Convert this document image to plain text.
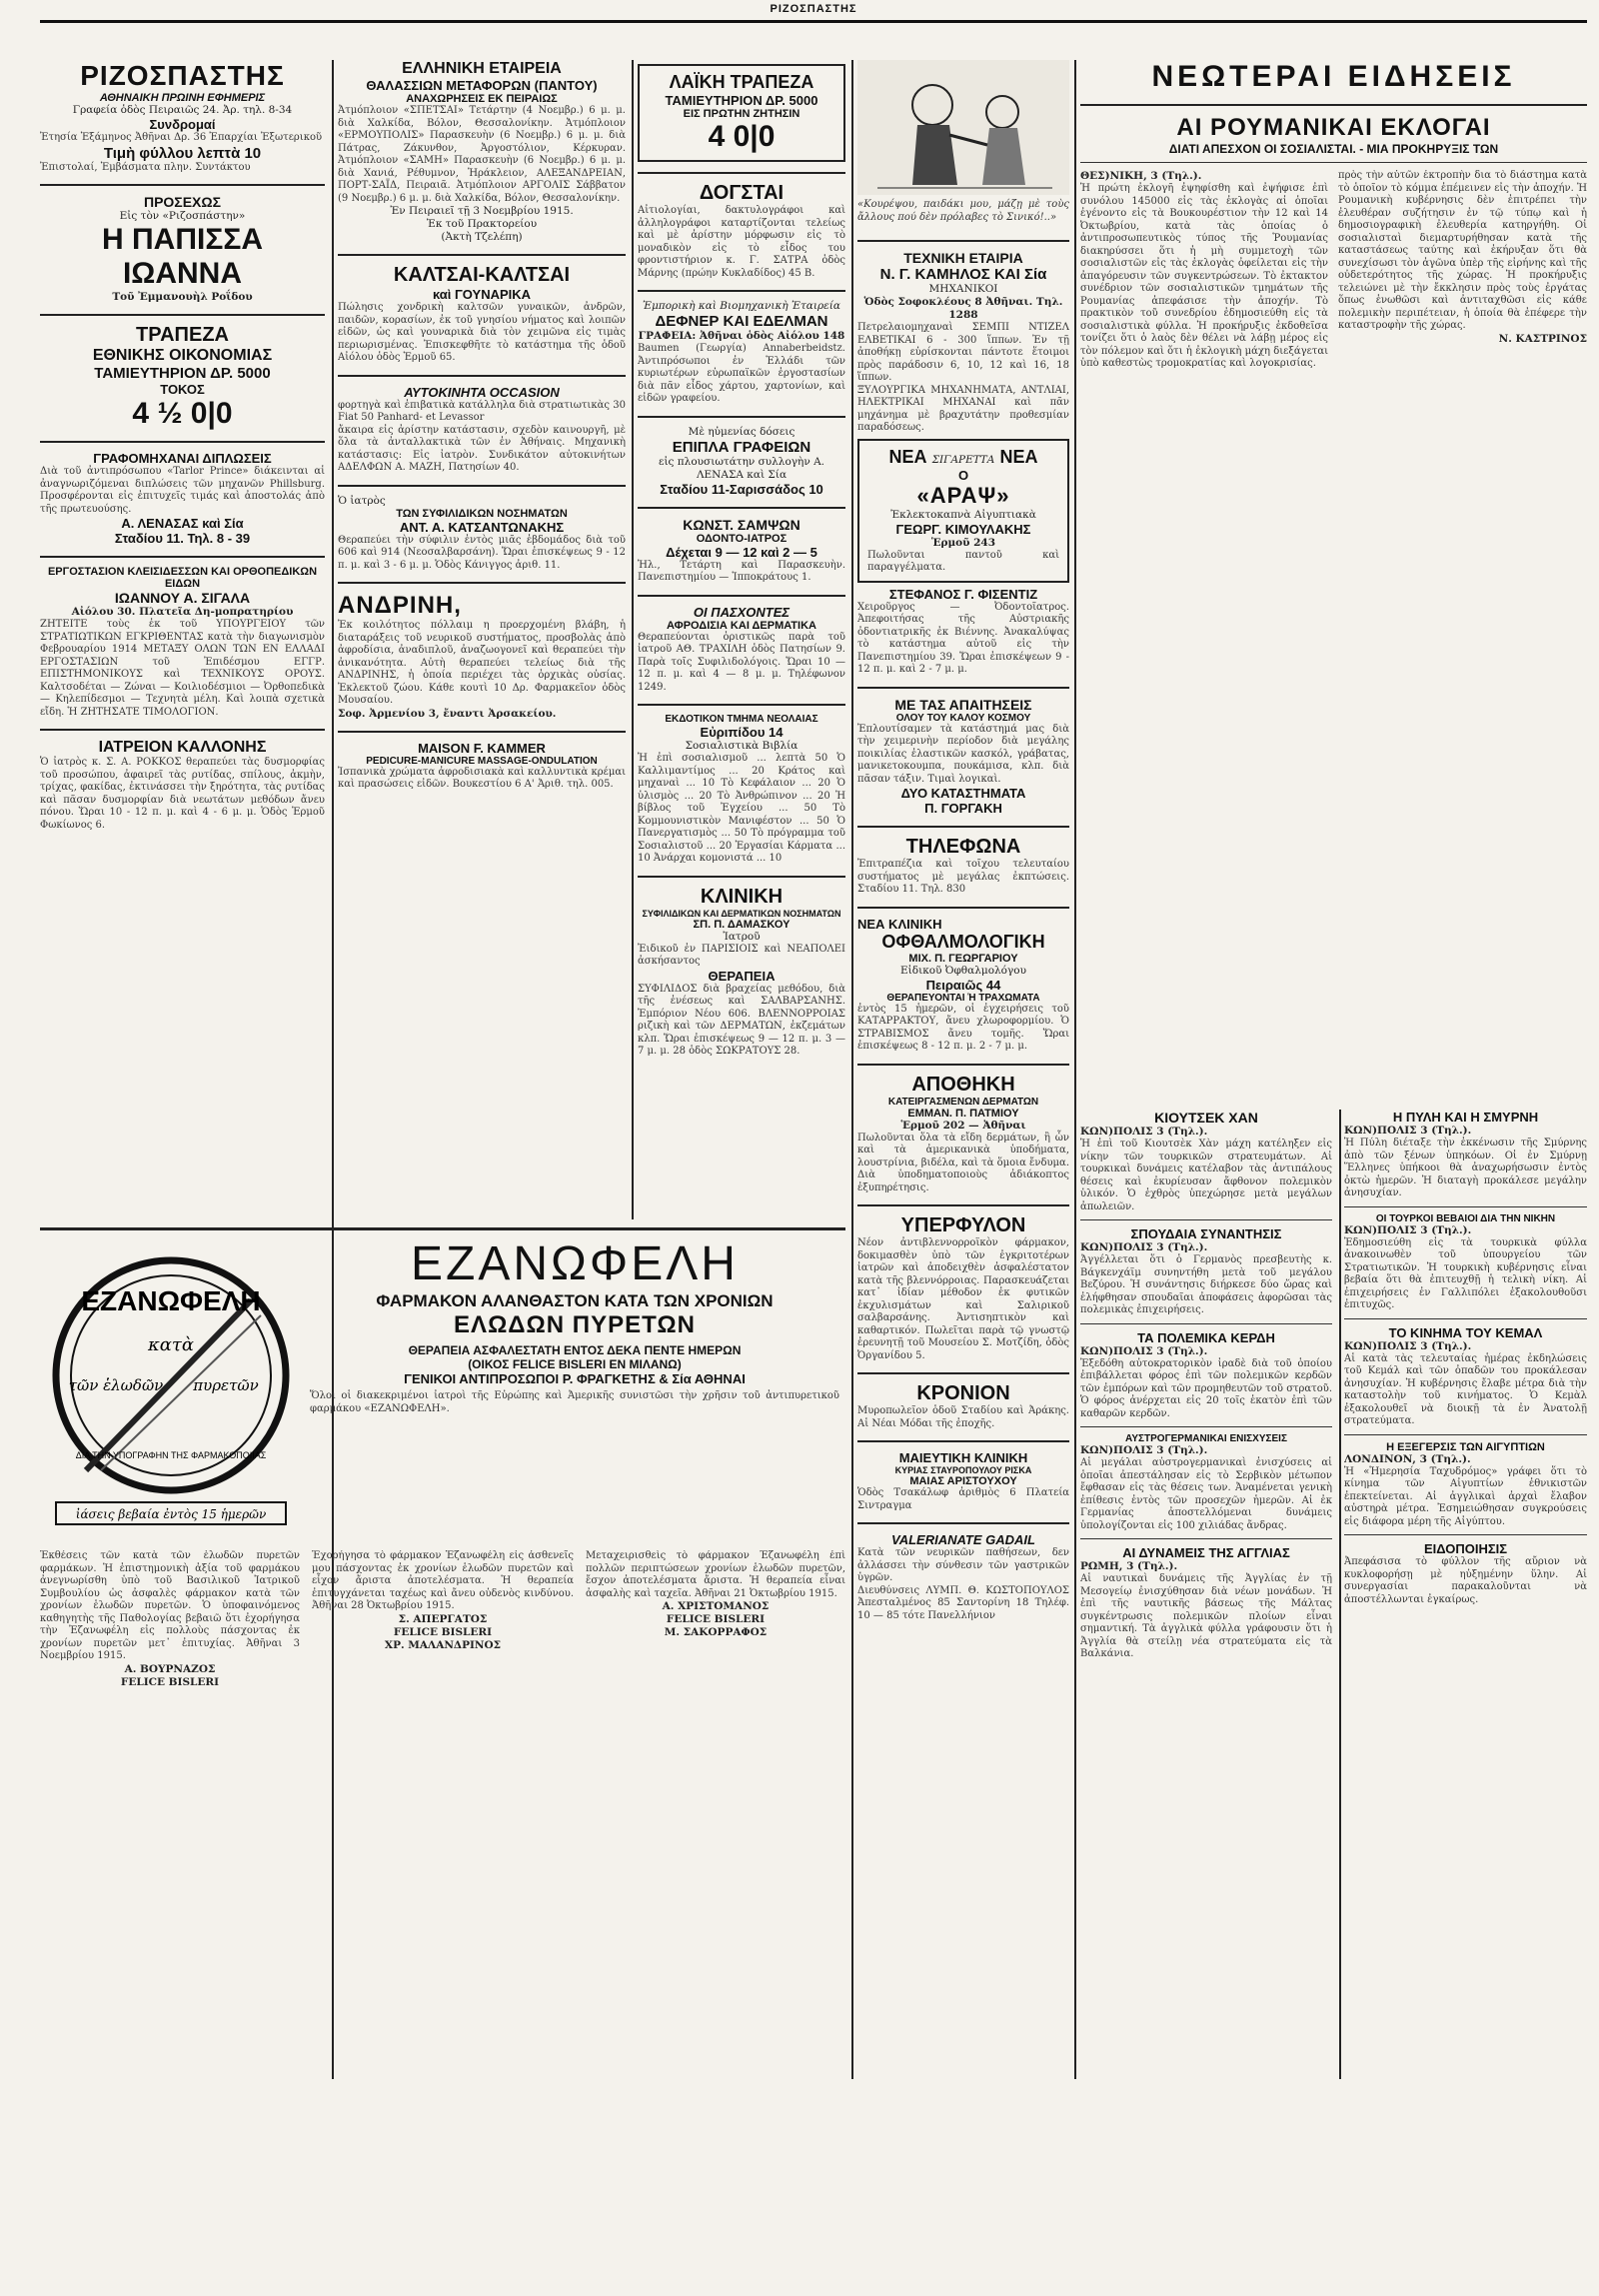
ΡΙΖΟΣΠΑΣΤΗΣ
ΡΙΖΟΣΠΑΣΤΗΣ
ΑΘΗΝΑΙΚΗ ΠΡΩΙΝΗ ΕΦΗΜΕΡΙΣ
Γραφεία ὁδὸς Πειραιῶς 24. Ἀρ. τηλ. 8-34
Συνδρομαί
Ἐτησία Ἐξάμηνος Ἀθῆναι Δρ. 36 Ἐπαρχίαι Ἐξωτερικοῦ
Τιμὴ φύλλου λεπτὰ 10
Ἐπιστολαί, Ἐμβάσματα πλην. Συντάκτου
ΠΡΟΣΕΧΩΣ
Εἰς τὸν «Ριζοσπάστην»
Η ΠΑΠΙΣΣΑ ΙΩΑΝΝΑ
Τοῦ Ἐμμανουὴλ Ροΐδου
ΤΡΑΠΕΖΑ
ΕΘΝΙΚΗΣ ΟΙΚΟΝΟΜΙΑΣ
ΤΑΜΙΕΥΤΗΡΙΟΝ ΔΡ. 5000
ΤΟΚΟΣ
4 ½ 0|0
ΓΡΑΦΟΜΗΧΑΝΑΙ ΔΙΠΛΩΣΕΙΣ
Διὰ τοῦ ἀντιπρόσωπου «Tarlor Prince» διάκεινται αἱ ἀναγνωριζόμεναι διπλώσεις τῶν μηχανῶν Phillsburg. Προσφέρονται εἰς ἐπιτυχεῖς τιμάς καὶ ἀποστολάς ἀπὸ τῆς πρωτευούσης.
Α. ΛΕΝΑΣΑΣ καὶ Σία
Σταδίου 11. Τηλ. 8 - 39
ΕΡΓΟΣΤΑΣΙΟΝ ΚΛΕΙΣΙΔΕΣΣΩΝ ΚΑΙ ΟΡΘΟΠΕΔΙΚΩΝ ΕΙΔΩΝ
ΙΩΑΝΝΟΥ Α. ΣΙΓΑΛΑ
Αἰόλου 30. Πλατεῖα Δη-μοπρατηρίου
ΖΗΤΕΙΤΕ τοὺς ἐκ τοῦ ΥΠΟΥΡΓΕΙΟΥ τῶν ΣΤΡΑΤΙΩΤΙΚΩΝ ΕΓΚΡΙΘΕΝΤΑΣ κατὰ τὴν διαγωνισμὸν Φεβρουαρίου 1914 ΜΕΤΑΞΥ ΟΛΩΝ ΤΩΝ ΕΝ ΕΛΛΑΔΙ ΕΡΓΟΣΤΑΣΙΩΝ τοῦ Ἐπιδέσμου ΕΓΓΡ. ΕΠΙΣΤΗΜΟΝΙΚΟΥΣ καὶ ΤΕΧΝΙΚΟΥΣ ΟΡΟΥΣ. Καλτσοδέται — Ζώναι — Κοιλιοδέσμιοι — Ὀρθοπεδικὰ — Κηλεπίδεσμοι — Τεχνητὰ μέλη. Καὶ λοιπὰ σχετικὰ εἴδη. Ἡ ΖΗΤΗΣΑΤΕ ΤΙΜΟΛΟΓΙΟΝ.
ΙΑΤΡΕΙΟΝ ΚΑΛΛΟΝΗΣ
Ὁ ἰατρὸς κ. Σ. Α. ΡΟΚΚΟΣ θεραπεύει τὰς δυσμορφίας τοῦ προσώπου, ἀφαιρεῖ τὰς ρυτίδας, σπίλους, ἀκμὴν, τρίχας, φακίδας, ἐκτινάσσει τὴν ξηρότητα, τὰς ρυτίδας καὶ πᾶσαν δυσμορφίαν διὰ νεωτάτων μεθόδων ἄνευ πόνου. Ὥραι 10 - 12 π. μ. καὶ 4 - 6 μ. μ. Ὁδὸς Ἑρμοῦ Φωκίωνος 6.
ΕΛΛΗΝΙΚΗ ΕΤΑΙΡΕΙΑ
ΘΑΛΑΣΣΙΩΝ ΜΕΤΑΦΟΡΩΝ (ΠΑΝΤΟΥ)
ΑΝΑΧΩΡΗΣΕΙΣ ΕΚ ΠΕΙΡΑΙΩΣ
Ἀτμόπλοιον «ΣΠΕΤΣΑΙ» Τετάρτην (4 Νοεμβρ.) 6 μ. μ. διὰ Χαλκίδα, Βόλον, Θεσσαλονίκην. Ἀτμόπλοιον «ΕΡΜΟΥΠΟΛΙΣ» Παρασκευὴν (6 Νοεμβρ.) 6 μ. μ. διὰ Πάτρας, Ζάκυνθον, Ἀργοστόλιον, Κέρκυραν. Ἀτμόπλοιον «ΣΑΜΗ» Παρασκευὴν (6 Νοεμβρ.) 6 μ. μ. διὰ Χανιά, Ρέθυμνον, Ἡράκλειον, ΑΛΕΞΑΝΔΡΕΙΑΝ, ΠΟΡΤ-ΣΑΪΔ, Πειραιᾶ. Ἀτμόπλοιον ΑΡΓΟΛΙΣ Σάββατον (9 Νοεμβρ.) 6 μ. μ. διὰ Χαλκίδα, Βόλον, Θεσσαλονίκην.
Ἐν Πειραιεῖ τῇ 3 Νοεμβρίου 1915.
Ἐκ τοῦ Πρακτορείου
(Ἀκτὴ Τζελέπη)
ΚΑΛΤΣΑΙ-ΚΑΛΤΣΑΙ
καὶ ΓΟΥΝΑΡΙΚΑ
Πώλησις χονδρικὴ καλτσῶν γυναικῶν, ἀνδρῶν, παιδῶν, κορασίων, ἐκ τοῦ γνησίου νήματος καὶ λοιπῶν εἰδῶν, ὡς καὶ γουναρικὰ διὰ τὸν χειμῶνα εἰς τιμὰς περιωρισμένας. Ἐπισκεφθῆτε τὸ κατάστημα τῆς ὁδοῦ Αἰόλου ὁδὸς Ἑρμοῦ 65.
ΑΥΤΟΚΙΝΗΤΑ OCCASION
φορτηγὰ καὶ ἐπιβατικὰ κατάλληλα διὰ στρατιωτικὰς 30 Fiat 50 Panhard- et Levassor
ἄκαιρα εἰς ἀρίστην κατάστασιν, σχεδὸν καινουργῆ, μὲ ὅλα τὰ ἀνταλλακτικὰ τῶν ἐν Ἀθήναις. Μηχανικὴ κατάστασις: Εἰς ἰατρὸν. Συνδικάτον αὐτοκινήτων ΑΔΕΛΦΩΝ Α. ΜΑΖΗ, Πατησίων 40.
Ὁ ἰατρὸς
ΤΩΝ ΣΥΦΙΛΙΔΙΚΩΝ ΝΟΣΗΜΑΤΩΝ
ΑΝΤ. Α. ΚΑΤΣΑΝΤΩΝΑΚΗΣ
Θεραπεύει τὴν σύφιλιν ἐντὸς μιᾶς ἑβδομάδος διὰ τοῦ 606 καὶ 914 (Νεοσαλβαρσάνη). Ὥραι ἐπισκέψεως 9 - 12 π. μ. καὶ 3 - 6 μ. μ. Ὁδὸς Κάνιγγος ἀριθ. 11.
ΑΝΔΡΙΝΗ,
Ἐκ κοιλότητος πόλλαιμ η προερχομένη βλάβη, ἡ διαταράξεις τοῦ νευρικοῦ συστήματος, προσβολὰς ἀπὸ ἀφροδίσια, ἀναδιπλοῦ, ἀναζωογονεῖ καὶ θεραπεύει τὴν ἀνικανότητα. Αὐτὴ θεραπεύει τελείως διὰ τῆς ΑΝΔΡΙΝΗΣ, ἡ ὁποία περιέχει τὰς ὀρχικὰς οὐσίας. Ἐκλεκτοῦ ζώου. Κάθε κουτὶ 10 Δρ. Φαρμακεῖον ὁδὸς Μουσαίου.
Σοφ. Ἀρμενίου 3, ἔναντι Ἀρσακείου.
MAISON F. KAMMER
PEDICURE-MANICURE MASSAGE-ONDULATION
Ἰσπανικὰ χρώματα ἀφροδισιακὰ καὶ καλλυντικὰ κρέμαι καὶ πρασώσεις εἰδῶν. Βουκεστίου 6 Α' Ἀριθ. τηλ. 005.
ΛΑΪΚΗ ΤΡΑΠΕΖΑ
ΤΑΜΙΕΥΤΗΡΙΟΝ ΔΡ. 5000
ΕΙΣ ΠΡΩΤΗΝ ΖΗΤΗΣΙΝ
4 0|0
ΔΟΓΣΤΑΙ
Αἰτιολογίαι, δακτυλογράφοι καὶ ἀλληλογράφοι καταρτίζονται τελείως καὶ μὲ ἀρίστην μόρφωσιν εἰς τὸ μοναδικὸν εἰς τὸ εἶδος του φροντιστήριον κ. Γ. ΣΑΤΡΑ ὁδὸς Μάρνης (πρώην Κυκλαδίδος) 45 Β.
Ἐμπορικὴ καὶ Βιομηχανικὴ Ἐταιρεία
ΔΕΦΝΕΡ ΚΑΙ ΕΔΕΛΜΑΝ
ΓΡΑΦΕΙΑ: Ἀθῆναι ὁδὸς Αἰόλου 148
Baumen (Γεωργία) Annaberbeidstz. Ἀντιπρόσωποι ἐν Ἑλλάδι τῶν κυριωτέρων εὐρωπαϊκῶν ἐργοστασίων διὰ πᾶν εἶδος χάρτου, χαρτονίων, καὶ εἰδῶν γραφείου.
Μὲ ηὐμενίας δόσεις
ΕΠΙΠΛΑ ΓΡΑΦΕΙΩΝ
εἰς πλουσιωτάτην συλλογὴν Α. ΛΕΝΑΣΑ καὶ Σία
Σταδίου 11-Σαρισσάδος 10
ΚΩΝΣΤ. ΣΑΜΨΩΝ
ΟΔΟΝΤΟ-ΙΑΤΡΟΣ
Δέχεται 9 — 12 καὶ 2 — 5
Ἡλ., Τετάρτη καὶ Παρασκευὴν. Πανεπιστημίου — Ἱπποκράτους 1.
ΟΙ ΠΑΣΧΟΝΤΕΣ
ΑΦΡΟΔΙΣΙΑ ΚΑΙ ΔΕΡΜΑΤΙΚΑ
Θεραπεύονται ὁριστικῶς παρὰ τοῦ ἰατροῦ ΑΘ. ΤΡΑΧΙΛΗ ὁδὸς Πατησίων 9. Παρὰ τοῖς Συφιλιδολόγοις. Ὥραι 10 — 12 π. μ. καὶ 4 — 8 μ. μ. Τηλέφωνον 1249.
ΕΚΔΟΤΙΚΟΝ ΤΜΗΜΑ ΝΕΟΛΑΙΑΣ
Εὐριπίδου 14
Σοσιαλιστικὰ Βιβλία
Ἡ ἐπὶ σοσιαλισμοῦ ... λεπτὰ 50 Ὁ Καλλιμαντίμος ... 20 Κράτος καὶ μηχαναὶ ... 10 Τὸ Κεφάλαιον ... 20 Ὁ ὑλισμὸς ... 20 Τὸ Ἀνθρώπινον ... 20 Ἡ βίβλος τοῦ Ἐγχείου ... 50 Τὸ Κομμουνιστικὸν Μανιφέστον ... 50 Ὁ Πανεργατισμὸς ... 50 Τὸ πρόγραμμα τοῦ Σοσιαλιστοῦ ... 20 Ἐργασίαι Κάρματα ... 10 Ἀνάρχαι κομονιστά ... 10
ΚΛΙΝΙΚΗ
ΣΥΦΙΛΙΔΙΚΩΝ ΚΑΙ ΔΕΡΜΑΤΙΚΩΝ ΝΟΣΗΜΑΤΩΝ
ΣΠ. Π. ΔΑΜΑΣΚΟΥ
Ἰατροῦ
Ἐιδικοῦ ἐν ΠΑΡΙΣΙΟΙΣ καὶ ΝΕΑΠΟΛΕΙ ἀσκήσαντος
ΘΕΡΑΠΕΙΑ
ΣΥΦΙΛΙΔΟΣ διὰ βραχείας μεθόδου, διὰ τῆς ἐνέσεως καὶ ΣΑΛΒΑΡΣΑΝΗΣ. Ἐμπόριον Νέου 606. ΒΛΕΝΝΟΡΡΟΙΑΣ ριζικὴ καὶ τῶν ΔΕΡΜΑΤΩΝ, ἐκζεμάτων κλπ. Ὥραι ἐπισκέψεως 9 — 12 π. μ. 3 — 7 μ. μ. 28 ὁδὸς ΣΩΚΡΑΤΟΥΣ 28.
«Κουρέψου, παιδάκι μου, μάζῃ μὲ τοὺς ἄλλους πού δὲν πρόλαβες τὸ Σινικό!..»
ΤΕΧΝΙΚΗ ΕΤΑΙΡΙΑ
Ν. Γ. ΚΑΜΗΛΟΣ ΚΑΙ Σία
ΜΗΧΑΝΙΚΟΙ
Ὁδὸς Σοφοκλέους 8 Ἀθῆναι. Τηλ. 1288
Πετρελαιομηχαναὶ ΣΕΜΠΙ ΝΤΙΖΕΛ ΕΛΒΕΤΙΚΑΙ 6 - 300 ἵππων. Ἐν τῇ ἀποθήκῃ εὑρίσκονται πάντοτε ἕτοιμοι πρὸς παράδοσιν 6, 10, 12 καὶ 16, 18 ἵππων.
ΞΥΛΟΥΡΓΙΚΑ ΜΗΧΑΝΗΜΑΤΑ, ΑΝΤΛΙΑΙ, ΗΛΕΚΤΡΙΚΑΙ ΜΗΧΑΝΑΙ καὶ πᾶν μηχάνημα μὲ βραχυτάτην προθεσμίαν παραδόσεως.
ΝΕΑ ΣΙΓΑΡΕΤΤΑ ΝΕΑ
Ο
«ΑΡΑΨ»
Ἐκλεκτοκαπνὰ Αἰγυπτιακὰ
ΓΕΩΡΓ. ΚΙΜΟΥΛΑΚΗΣ
Ἑρμοῦ 243
Πωλοῦνται παντοῦ καὶ παραγγέλματα.
ΣΤΕΦΑΝΟΣ Γ. ΦΙΣΕΝΤΙΖ
Χειροῦργος — Ὀδοντοῖατρος. Ἀπεφοιτήσας τῆς Αὐστριακῆς ὀδοντιατρικῆς ἐκ Βιέννης. Ἀνακαλύψας τὸ κατάστημα αὐτοῦ εἰς τὴν Πανεπιστημίου 39. Ὥραι ἐπισκέψεων 9 - 12 π. μ. καὶ 2 - 7 μ. μ.
ΜΕ ΤΑΣ ΑΠΑΙΤΗΣΕΙΣ
ΟΛΟΥ ΤΟΥ ΚΑΛΟΥ ΚΟΣΜΟΥ
Ἐπλουτίσαμεν τὰ κατάστημά μας διὰ τὴν χειμερινὴν περίοδον διὰ μεγάλης ποικιλίας ἐλαστικῶν κασκόλ, γράβατας, μανικετοκουμπα, πουκάμισα, κλπ. διὰ πᾶσαν τάξιν. Τιμαὶ λογικαὶ.
ΔΥΟ ΚΑΤΑΣΤΗΜΑΤΑ
Π. ΓΟΡΓΑΚΗ
ΤΗΛΕΦΩΝΑ
Ἐπιτραπέζια καὶ τοῖχου τελευταίου συστήματος μὲ μεγάλας ἐκπτώσεις. Σταδίου 11. Τηλ. 830
ΝΕΑ ΚΛΙΝΙΚΗ
ΟΦΘΑΛΜΟΛΟΓΙΚΗ
ΜΙΧ. Π. ΓΕΩΡΓΑΡΙΟΥ
Εἰδικοῦ Ὀφθαλμολόγου
Πειραιῶς 44
ΘΕΡΑΠΕΥΟΝΤΑΙ Ἡ ΤΡΑΧΩΜΑΤΑ
ἐντὸς 15 ἡμερῶν, οἱ ἐγχειρήσεις τοῦ ΚΑΤΑΡΡΑΚΤΟΥ, ἄνευ χλωροφορμίου. Ὁ ΣΤΡΑΒΙΣΜΟΣ ἄνευ τομῆς. Ὥραι ἐπισκέψεως 8 - 12 π. μ. 2 - 7 μ. μ.
ΑΠΟΘΗΚΗ
ΚΑΤΕΙΡΓΑΣΜΕΝΩΝ ΔΕΡΜΑΤΩΝ
ΕΜΜΑΝ. Π. ΠΑΤΜΙΟΥ
Ἑρμοῦ 202 — Ἀθῆναι
Πωλοῦνται ὅλα τὰ εἴδη δερμάτων, ἢ ὧν καὶ τὰ ἀμερικανικὰ ὑποδήματα, λουστρίνια, βιδέλα, καὶ τὰ ὅμοια ἔνδυμα. Διὰ ὑποδηματοποιοὺς ἀδιάκοπτος ἐξυπηρέτησις.
ΥΠΕΡΦΥΛΟΝ
Νέον ἀντιβλεννορροϊκὸν φάρμακον, δοκιμασθὲν ὑπὸ τῶν ἐγκριτοτέρων ἰατρῶν καὶ ἀποδειχθὲν ἀσφαλέστατον κατὰ τῆς βλεννόρροιας. Παρασκευάζεται κατ᾽ ἰδίαν μέθοδον ἐκ φυτικῶν ἐκχυλισμάτων καὶ Σαλιρικοῦ σαλβαρσάνης. Ἀντισηπτικὸν καὶ καθαρτικόν. Πωλεῖται παρὰ τῷ γνωστῷ ἐρευνητῇ τοῦ Μουσείου Σ. Μοτζίδη, ὁδὸς Ὀργανίδου 5.
ΚΡΟΝΙΟΝ
Μυροπωλεῖον ὁδοῦ Σταδίου καὶ Ἀράκης. Αἱ Νέαι Μόδαι τῆς ἐποχῆς.
ΜΑΙΕΥΤΙΚΗ ΚΛΙΝΙΚΗ
ΚΥΡΙΑΣ ΣΤΑΥΡΟΠΟΥΛΟΥ ΡΙΣΚΑ
ΜΑΙΑΣ ΑΡΙΣΤΟΥΧΟΥ
Ὁδὸς Τσακάλωφ ἀριθμὸς 6 Πλατεία Σιντραγμα
VALERIANATE GADAIL
Κατὰ τῶν νευρικῶν παθήσεων, δεν ἀλλάσσει τὴν σύνθεσιν τῶν γαστρικῶν ὑγρῶν.
Διευθύνσεις ΛΥΜΠ. Θ. ΚΩΣΤΟΠΟΥΛΟΣ Ἀπεσταλμένος 85 Σαντορίνη 18 Τηλέφ. 10 — 85 τότε Πανελλήνιον
ΝΕΩΤΕΡΑΙ ΕΙΔΗΣΕΙΣ
ΑΙ ΡΟΥΜΑΝΙΚΑΙ ΕΚΛΟΓΑΙ
ΔΙΑΤΙ ΑΠΕΣΧΟΝ ΟΙ ΣΟΣΙΑΛΙΣΤΑΙ. - ΜΙΑ ΠΡΟΚΗΡΥΞΙΣ ΤΩΝ
ΘΕΣ)ΝΙΚΗ, 3 (Τηλ.).
Ἡ πρώτη ἐκλογῆ ἐψηφίσθη καὶ ἐψήφισε ἐπὶ συνόλου 145000 εἰς τὰς ἐκλογὰς αἱ ὁποῖαι ἐγένοντο εἰς τὰ Βουκουρέστιον τὴν 12 καὶ 14 Ὀκτωβρίου, κατὰ τὰς ὁποίας ὁ ἀντιπροσωπευτικὸς τύπος τῆς Ῥουμανίας διακηρύσσει ὅτι ἡ μὴ συμμετοχὴ τῶν σοσιαλιστῶν εἰς τὰς ἐκλογὰς ὀφείλεται εἰς τὴν ἀπαγόρευσιν τῶν συγκεντρώσεων. Τὸ ἐκτακτον συνέδριον τῶν σοσιαλιστικῶν τμημάτων τῆς Ρουμανίας ἀπεφάσισε τὴν ἀποχήν. Τὸ πρακτικὸν τοῦ συνεδρίου ἐδημοσιεύθη εἰς τὰ σοσιαλιστικὰ φύλλα. Ἡ προκήρυξις ἐκδοθεῖσα τονίζει ὅτι ὁ λαὸς δὲν θέλει νὰ λάβῃ μέρος εἰς τὸν πόλεμον καὶ ὅτι ἡ ἐκλογικὴ μάχη διεξάγεται ὑπὸ καθεστὼς τρομοκρατίας καὶ λογοκρισίας.
πρὸς τὴν αὐτῶν ἐκτροπὴν δια τὸ διάστημα κατὰ τὸ ὁποῖον τὸ κόμμα ἐπέμεινεν εἰς τὴν ἀποχήν. Ἡ Ρουμανικὴ κυβέρνησις δὲν ἐπιτρέπει τὴν ἐλευθέραν συζήτησιν ἐν τῷ τύπῳ καὶ ἡ δημοσιογραφικὴ ἐλευθερία κατηργήθη. Οἱ σοσιαλισταὶ διεμαρτυρήθησαν κατὰ τῆς καταστάσεως ταύτης καὶ ἐκήρυξαν ὅτι θὰ συνεχίσωσι τὸν ἀγῶνα ὑπὲρ τῆς εἰρήνης καὶ τῆς οὐδετερότητος τῆς χώρας. Ἡ προκήρυξις τελειώνει μὲ τὴν ἔκκλησιν πρὸς τοὺς ἐργάτας ὅπως ἑνωθῶσι καὶ ἀντιταχθῶσι εἰς κάθε πολεμικὴν περιπέτειαν, ἡ ὁποία θὰ ἐπέφερε τὴν καταστροφὴν τῆς χώρας.
Ν. ΚΑΣΤΡΙΝΟΣ
ΚΙΟΥΤΣΕΚ ΧΑΝ
ΚΩΝ)ΠΟΛΙΣ 3 (Τηλ.).
Ἡ ἐπὶ τοῦ Κιουτσὲκ Χὰν μάχη κατέληξεν εἰς νίκην τῶν τουρκικῶν στρατευμάτων. Αἱ τουρκικαὶ δυνάμεις κατέλαβον τὰς ἀντιπάλους θέσεις καὶ ἐκυρίευσαν ἄφθονον πολεμικὸν ὑλικόν. Ὁ ἐχθρὸς ὑπεχώρησε μετὰ μεγάλων ἀπωλειῶν.
ΣΠΟΥΔΑΙΑ ΣΥΝΑΝΤΗΣΙΣ
ΚΩΝ)ΠΟΛΙΣ 3 (Τηλ.).
Ἀγγέλλεται ὅτι ὁ Γερμανὸς πρεσβευτὴς κ. Βάγκενχάϊμ συνηντήθη μετὰ τοῦ μεγάλου Βεζύρου. Ἡ συνάντησις διήρκεσε δύο ὥρας καὶ ἐλήφθησαν σπουδαῖαι ἀποφάσεις ἀφορῶσαι τὰς πολεμικὰς ἐπιχειρήσεις.
ΤΑ ΠΟΛΕΜΙΚΑ ΚΕΡΔΗ
ΚΩΝ)ΠΟΛΙΣ 3 (Τηλ.).
Ἐξεδόθη αὐτοκρατορικὸν ἰραδὲ διὰ τοῦ ὁποίου ἐπιβάλλεται φόρος ἐπὶ τῶν πολεμικῶν κερδῶν τῶν ἐμπόρων καὶ τῶν προμηθευτῶν τοῦ στρατοῦ. Ὁ φόρος ἀνέρχεται εἰς 20 τοῖς ἑκατὸν ἐπὶ τῶν καθαρῶν κερδῶν.
ΑΥΣΤΡΟΓΕΡΜΑΝΙΚΑΙ ΕΝΙΣΧΥΣΕΙΣ
ΚΩΝ)ΠΟΛΙΣ 3 (Τηλ.).
Αἱ μεγάλαι αὐστρογερμανικαὶ ἐνισχύσεις αἱ ὁποῖαι ἀπεστάλησαν εἰς τὸ Σερβικὸν μέτωπον ἔφθασαν εἰς τὰς θέσεις των. Ἀναμένεται γενικὴ ἐπίθεσις ἐντὸς τῶν προσεχῶν ἡμερῶν. Αἱ ἐκ Γερμανίας ἀποστελλόμεναι δυνάμεις ὑπολογίζονται εἰς 100 χιλιάδας ἄνδρας.
ΑΙ ΔΥΝΑΜΕΙΣ ΤΗΣ ΑΓΓΛΙΑΣ
ΡΩΜΗ, 3 (Τηλ.).
Αἱ ναυτικαὶ δυνάμεις τῆς Ἀγγλίας ἐν τῇ Μεσογείῳ ἐνισχύθησαν διὰ νέων μονάδων. Ἡ ἐπὶ τῆς ναυτικῆς βάσεως τῆς Μάλτας συγκέντρωσις πολεμικῶν πλοίων εἶναι σημαντική. Τὰ ἀγγλικὰ φύλλα γράφουσιν ὅτι ἡ Ἀγγλία θὰ στείλῃ νέα στρατεύματα εἰς τὰ Βαλκάνια.
Η ΠΥΛΗ ΚΑΙ Η ΣΜΥΡΝΗ
ΚΩΝ)ΠΟΛΙΣ 3 (Τηλ.).
Ἡ Πύλη διέταξε τὴν ἐκκένωσιν τῆς Σμύρνης ἀπὸ τῶν ξένων ὑπηκόων. Οἱ ἐν Σμύρνῃ Ἕλληνες ὑπήκοοι θὰ ἀναχωρήσωσιν ἐντὸς ὀκτὼ ἡμερῶν. Ἡ διαταγὴ προκάλεσε μεγάλην ἀνησυχίαν.
ΟΙ ΤΟΥΡΚΟΙ ΒΕΒΑΙΟΙ ΔΙΑ ΤΗΝ ΝΙΚΗΝ
ΚΩΝ)ΠΟΛΙΣ 3 (Τηλ.).
Ἐδημοσιεύθη εἰς τὰ τουρκικὰ φύλλα ἀνακοινωθὲν τοῦ ὑπουργείου τῶν Στρατιωτικῶν. Ἡ τουρκικὴ κυβέρνησις εἶναι βεβαία ὅτι θὰ ἐπιτευχθῇ ἡ τελικὴ νίκη. Αἱ ἐπιχειρήσεις ἐν Γαλλιπόλει ἐξακολουθοῦσι ἐπιτυχῶς.
ΤΟ ΚΙΝΗΜΑ ΤΟΥ ΚΕΜΑΛ
ΚΩΝ)ΠΟΛΙΣ 3 (Τηλ.).
Αἱ κατὰ τὰς τελευταίας ἡμέρας ἐκδηλώσεις τοῦ Κεμάλ καὶ τῶν ὀπαδῶν του προκάλεσαν ἀνησυχίαν. Ἡ κυβέρνησις ἔλαβε μέτρα διὰ τὴν καταστολὴν τοῦ κινήματος. Ὁ Κεμὰλ ἐξακολουθεῖ νὰ διοικῇ τὰ ἐν Ἀνατολῇ στρατεύματα.
Η ΕΞΕΓΕΡΣΙΣ ΤΩΝ ΑΙΓΥΠΤΙΩΝ
ΛΟΝΔΙΝΟΝ, 3 (Τηλ.).
Ἡ «Ἡμερησία Ταχυδρόμος» γράφει ὅτι τὸ κίνημα τῶν Αἰγυπτίων ἐθνικιστῶν ἐπεκτείνεται. Αἱ ἀγγλικαὶ ἀρχαὶ ἔλαβον αὐστηρὰ μέτρα. Ἐσημειώθησαν συγκρούσεις εἰς διάφορα μέρη τῆς Αἰγύπτου.
ΕΙΔΟΠΟΙΗΣΙΣ
Ἀπεφάσισα τὸ φύλλον τῆς αὔριον νὰ κυκλοφορήσῃ μὲ ηὐξημένην ὕλην. Αἱ συνεργασίαι παρακαλοῦνται νὰ ἀποστέλλωνται ἐγκαίρως.
ΕΖΑΝΩΦΕΛΗ
κατὰ
τῶν ἑλωδῶν πυρετῶν
ΔΙΑ ΤΗΝ ΥΠΟΓΡΑΦΗΝ ΤΗΣ ΦΑΡΜΑΚΟΠΟΙΙΑΣ
ἰάσεις βεβαία ἐντὸς 15 ἡμερῶν
ΕΖΑΝΩΦΕΛΗ
ΦΑΡΜΑΚΟΝ ΑΛΑΝΘΑΣΤΟΝ ΚΑΤΑ ΤΩΝ ΧΡΟΝΙΩΝ
ΕΛΩΔΩΝ ΠΥΡΕΤΩΝ
ΘΕΡΑΠΕΙΑ ΑΣΦΑΛΕΣΤΑΤΗ ΕΝΤΟΣ ΔΕΚΑ ΠΕΝΤΕ ΗΜΕΡΩΝ
(ΟΙΚΟΣ FELICE BISLERI ΕΝ ΜΙΛΑΝΩ)
ΓΕΝΙΚΟΙ ΑΝΤΙΠΡΟΣΩΠΟΙ Ρ. ΦΡΑΓΚΕΤΗΣ & Σία ΑΘΗΝΑΙ
Ὅλοι οἱ διακεκριμένοι ἰατροὶ τῆς Εὐρώπης καὶ Ἀμερικῆς συνιστῶσι τὴν χρῆσιν τοῦ ἀντιπυρετικοῦ φαρμάκου «ΕΖΑΝΩΦΕΛΗ».
Ἐκθέσεις τῶν κατὰ τῶν ἑλωδῶν πυρετῶν φαρμάκων. Ἡ ἐπιστημονικὴ ἀξία τοῦ φαρμάκου ἀνεγνωρίσθη ὑπὸ τοῦ Βασιλικοῦ Ἰατρικοῦ Συμβουλίου ὡς ἀσφαλὲς φάρμακον κατὰ τῶν χρονίων ἑλωδῶν πυρετῶν. Ὁ ὑποφαινόμενος καθηγητὴς τῆς Παθολογίας βεβαιῶ ὅτι ἐχορήγησα τὴν Ἐζανωφέλη εἰς πολλοὺς πάσχοντας ἐκ χρονίων πυρετῶν μετ᾽ ἐπιτυχίας. Ἀθῆναι 3 Νοεμβρίου 1915.
Α. ΒΟΥΡΝΑΖΟΣ
FELICE BISLERI
Ἐχορήγησα τὸ φάρμακον Ἐζανωφέλη εἰς ἀσθενεῖς μου πάσχοντας ἐκ χρονίων ἑλωδῶν πυρετῶν καὶ εἶχον ἄριστα ἀποτελέσματα. Ἡ θεραπεία ἐπιτυγχάνεται ταχέως καὶ ἄνευ οὐδενὸς κινδύνου. Ἀθῆναι 28 Ὀκτωβρίου 1915.
Σ. ΑΠΕΡΓΑΤΟΣ
FELICE BISLERI
ΧΡ. ΜΑΛΑΝΔΡΙΝΟΣ
Μεταχειρισθεὶς τὸ φάρμακον Ἐζανωφέλη ἐπὶ πολλῶν περιπτώσεων χρονίων ἑλωδῶν πυρετῶν, ἔσχον ἀποτελέσματα ἄριστα. Ἡ θεραπεία εἶναι ἀσφαλὴς καὶ ταχεῖα. Ἀθῆναι 21 Ὀκτωβρίου 1915.
Α. ΧΡΙΣΤΟΜΑΝΟΣ
FELICE BISLERI
Μ. ΣΑΚΟΡΡΑΦΟΣ
